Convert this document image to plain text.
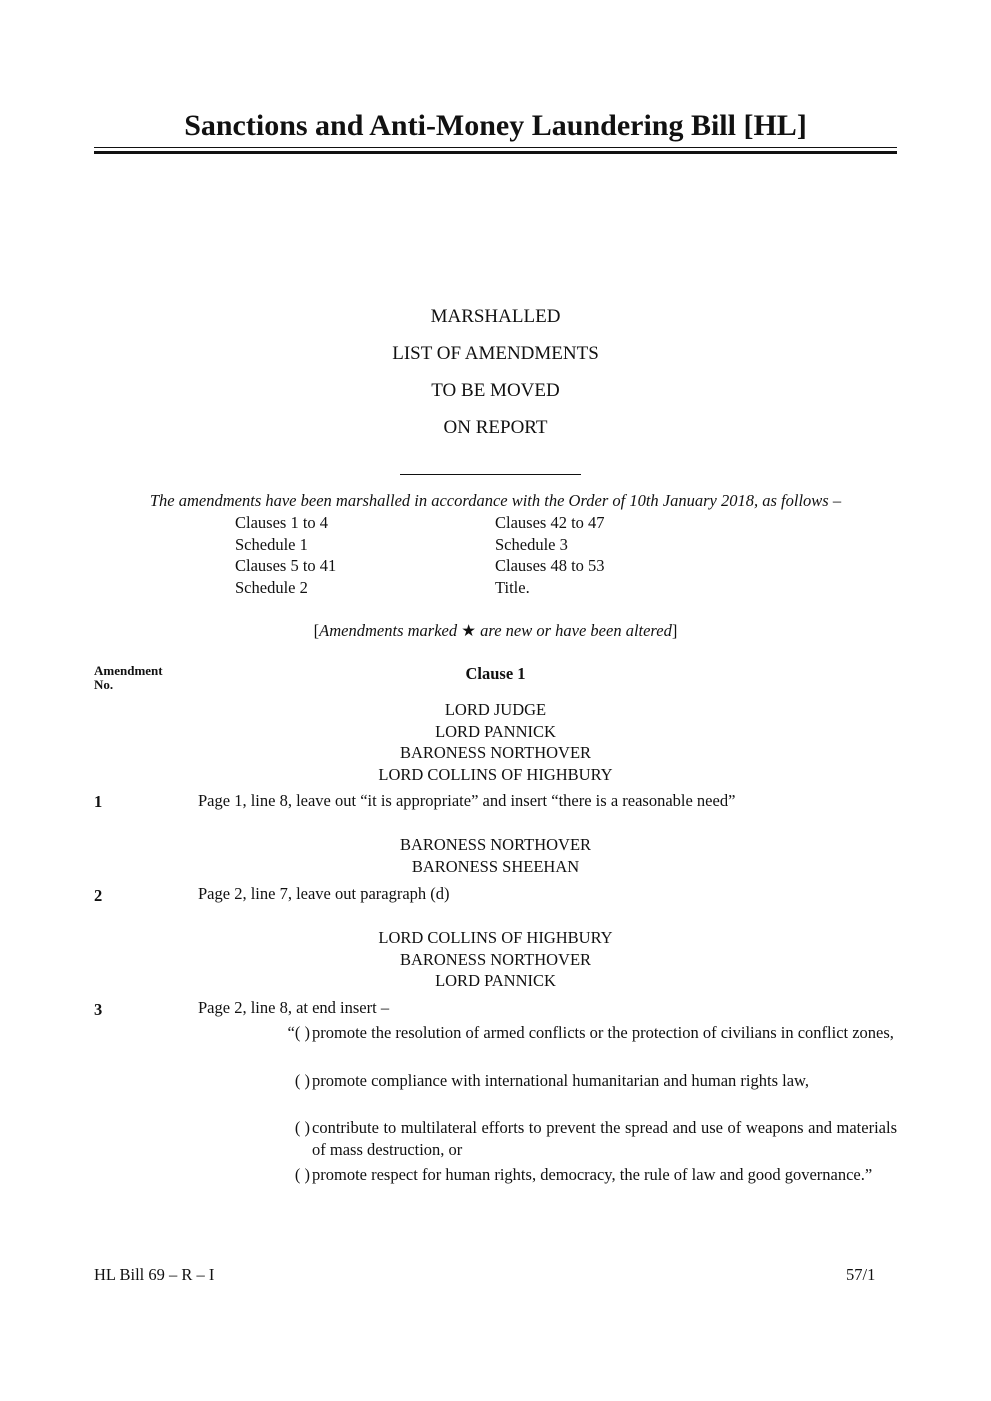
Sanctions and Anti-Money Laundering Bill [HL]
MARSHALLED
LIST OF AMENDMENTS
TO BE MOVED
ON REPORT
The amendments have been marshalled in accordance with the Order of 10th January 2018, as follows –
Clauses 1 to 4
Schedule 1
Clauses 5 to 41
Schedule 2
Clauses 42 to 47
Schedule 3
Clauses 48 to 53
Title.
[Amendments marked ★ are new or have been altered]
Amendment
No.
Clause 1
LORD JUDGE
LORD PANNICK
BARONESS NORTHOVER
LORD COLLINS OF HIGHBURY
1	Page 1, line 8, leave out “it is appropriate” and insert “there is a reasonable need”
BARONESS NORTHOVER
BARONESS SHEEHAN
2	Page 2, line 7, leave out paragraph (d)
LORD COLLINS OF HIGHBURY
BARONESS NORTHOVER
LORD PANNICK
3	Page 2, line 8, at end insert –
“( ) promote the resolution of armed conflicts or the protection of civilians in conflict zones,
( ) promote compliance with international humanitarian and human rights law,
( ) contribute to multilateral efforts to prevent the spread and use of weapons and materials of mass destruction, or
( ) promote respect for human rights, democracy, the rule of law and good governance.”
HL Bill 69 – R – I	57/1
